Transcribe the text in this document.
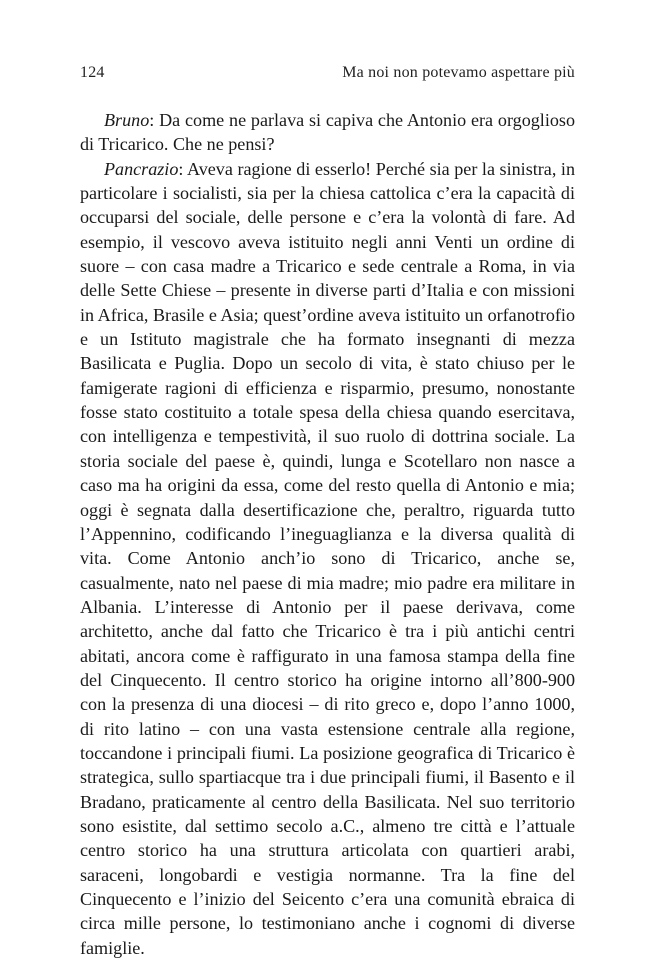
124	Ma noi non potevamo aspettare più

Bruno: Da come ne parlava si capiva che Antonio era orgoglioso di Tricarico. Che ne pensi?

Pancrazio: Aveva ragione di esserlo! Perché sia per la sinistra, in particolare i socialisti, sia per la chiesa cattolica c’era la capacità di occuparsi del sociale, delle persone e c’era la volontà di fare. Ad esempio, il vescovo aveva istituito negli anni Venti un ordine di suore – con casa madre a Tricarico e sede centrale a Roma, in via delle Sette Chiese – presente in diverse parti d’Italia e con missioni in Africa, Brasile e Asia; quest’ordine aveva istituito un orfanotrofio e un Istituto magistrale che ha formato insegnanti di mezza Basilicata e Puglia. Dopo un secolo di vita, è stato chiuso per le famigerate ragioni di efficienza e risparmio, presumo, nonostante fosse stato costituito a totale spesa della chiesa quando esercitava, con intelligenza e tempestività, il suo ruolo di dottrina sociale. La storia sociale del paese è, quindi, lunga e Scotellaro non nasce a caso ma ha origini da essa, come del resto quella di Antonio e mia; oggi è segnata dalla desertificazione che, peraltro, riguarda tutto l’Appennino, codificando l’ineguaglianza e la diversa qualità di vita. Come Antonio anch’io sono di Tricarico, anche se, casualmente, nato nel paese di mia madre; mio padre era militare in Albania. L’interesse di Antonio per il paese derivava, come architetto, anche dal fatto che Tricarico è tra i più antichi centri abitati, ancora come è raffigurato in una famosa stampa della fine del Cinquecento. Il centro storico ha origine intorno all’800-900 con la presenza di una diocesi – di rito greco e, dopo l’anno 1000, di rito latino – con una vasta estensione centrale alla regione, toccandone i principali fiumi. La posizione geografica di Tricarico è strategica, sullo spartiacque tra i due principali fiumi, il Basento e il Bradano, praticamente al centro della Basilicata. Nel suo territorio sono esistite, dal settimo secolo a.C., almeno tre città e l’attuale centro storico ha una struttura articolata con quartieri arabi, saraceni, longobardi e vestigia normanne. Tra la fine del Cinquecento e l’inizio del Seicento c’era una comunità ebraica di circa mille persone, lo testimoniano anche i cognomi di diverse famiglie.
